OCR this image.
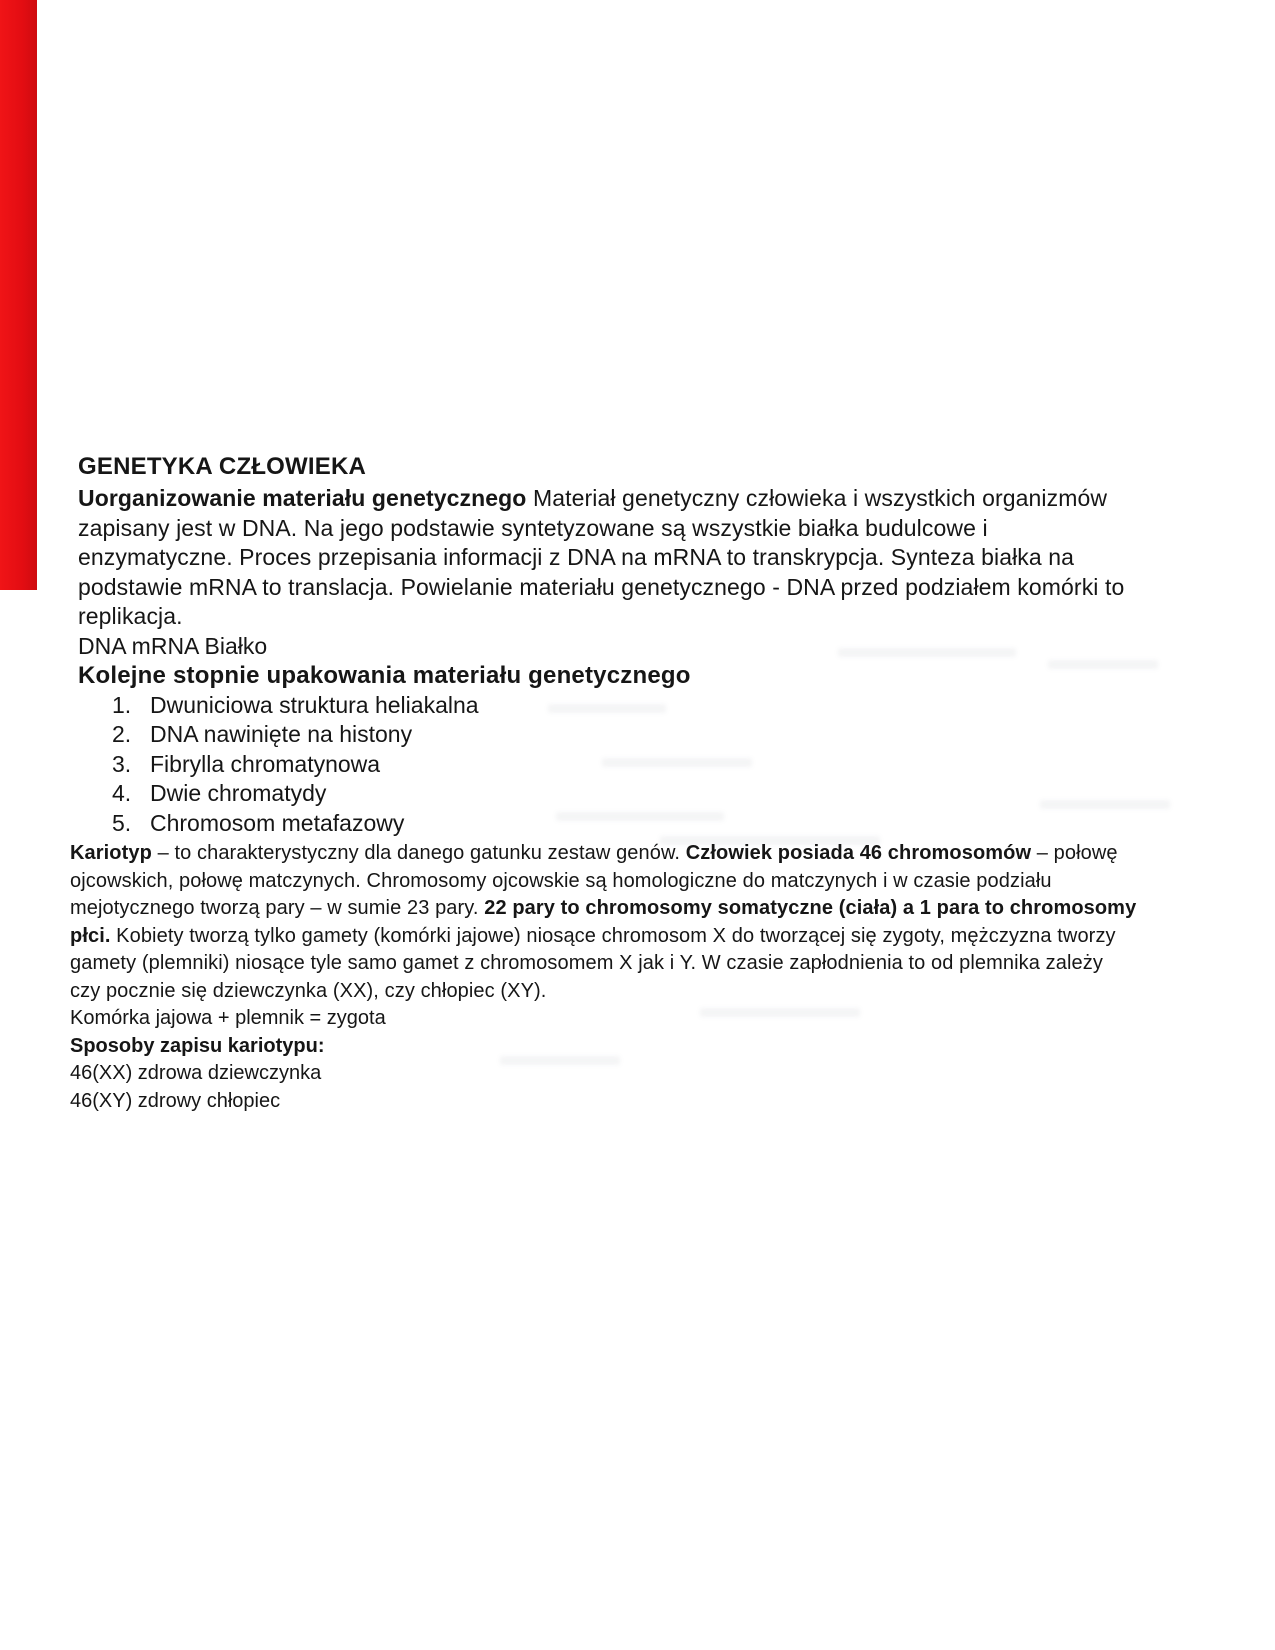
GENETYKA CZŁOWIEKA

Uorganizowanie materiału genetycznego Materiał genetyczny człowieka i wszystkich organizmów zapisany jest w DNA. Na jego podstawie syntetyzowane są wszystkie białka budulcowe i enzymatyczne. Proces przepisania informacji z DNA na mRNA to transkrypcja. Synteza białka na podstawie mRNA to translacja. Powielanie materiału genetycznego - DNA przed podziałem komórki to replikacja.

DNA mRNA Białko

Kolejne stopnie upakowania materiału genetycznego
1. Dwuniciowa struktura heliakalna
2. DNA nawinięte na histony
3. Fibrylla chromatynowa
4. Dwie chromatydy
5. Chromosom metafazowy

Kariotyp – to charakterystyczny dla danego gatunku zestaw genów. Człowiek posiada 46 chromosomów – połowę ojcowskich, połowę matczynych. Chromosomy ojcowskie są homologiczne do matczynych i w czasie podziału mejotycznego tworzą pary – w sumie 23 pary. 22 pary to chromosomy somatyczne (ciała) a 1 para to chromosomy płci. Kobiety tworzą tylko gamety (komórki jajowe) niosące chromosom X do tworzącej się zygoty, mężczyzna tworzy gamety (plemniki) niosące tyle samo gamet z chromosomem X jak i Y. W czasie zapłodnienia to od plemnika zależy czy pocznie się dziewczynka (XX), czy chłopiec (XY).

Komórka jajowa + plemnik = zygota

Sposoby zapisu kariotypu:

46(XX) zdrowa dziewczynka

46(XY) zdrowy chłopiec
